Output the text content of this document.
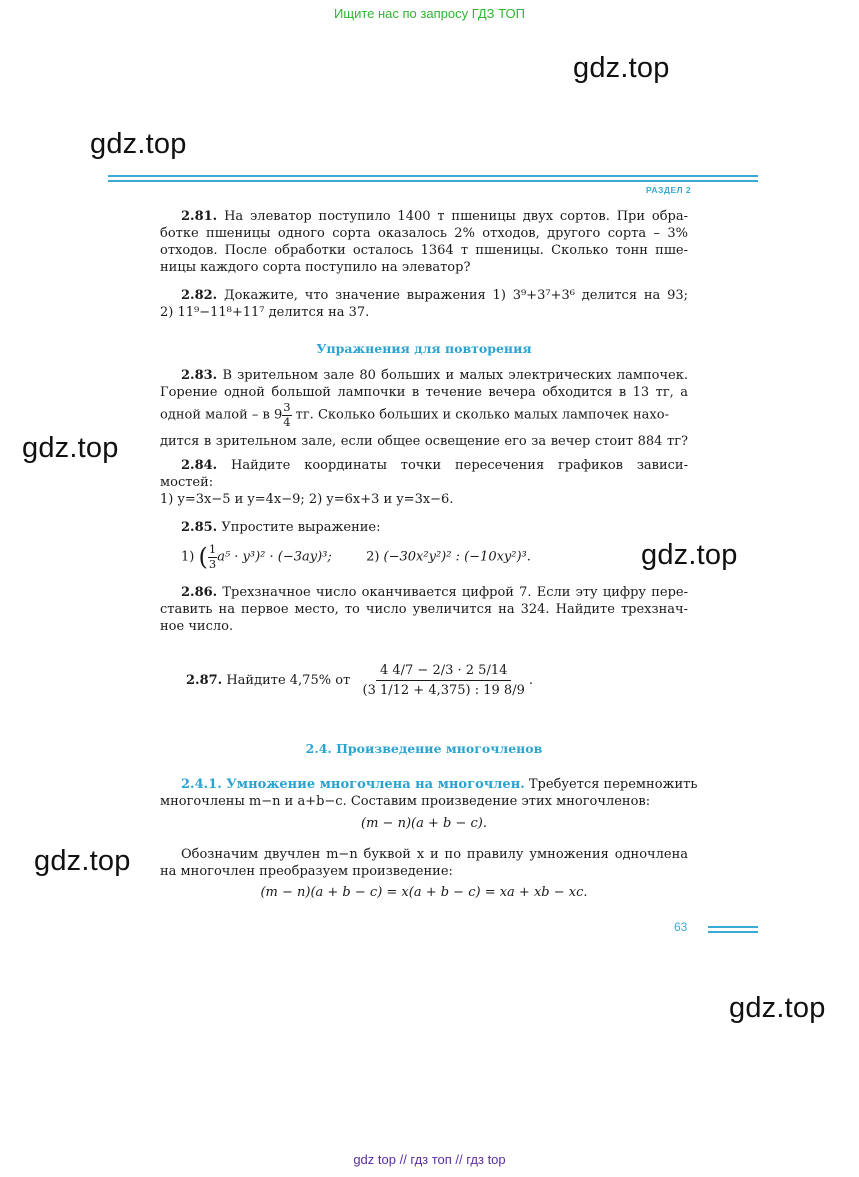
Ищите нас по запросу ГДЗ ТОП
gdz.top
gdz.top
gdz.top
gdz.top
gdz.top
gdz.top
РАЗДЕЛ 2
2.81. На элеватор поступило 1400 т пшеницы двух сортов. При обра-
ботке пшеницы одного сорта оказалось 2% отходов, другого сорта – 3%
отходов. После обработки осталось 1364 т пшеницы. Сколько тонн пше-
ницы каждого сорта поступило на элеватор?
2.82. Докажите, что значение выражения 1) 3⁹+3⁷+3⁶ делится на 93;
2) 11⁹−11⁸+11⁷ делится на 37.
Упражнения для повторения
2.83. В зрительном зале 80 больших и малых электрических лампочек.
Горение одной большой лампочки в течение вечера обходится в 13 тг, а
одной малой – в $9 \frac{3}{4}$ тг. Сколько больших и сколько малых лампочек нахо-
дится в зрительном зале, если общее освещение его за вечер стоит 884 тг?
2.84. Найдите координаты точки пересечения графиков зависи-
мостей:
1) y=3x−5 и y=4x−9; 2) y=6x+3 и y=3x−6.
2.85. Упростите выражение:
1) ( $\frac{1}{3} a^5 \cdot y^3)^2 \cdot (-3ay)^3$;	2) (−30x²y²)² : (−10xy²)³.
2.86. Трехзначное число оканчивается цифрой 7. Если эту цифру пере-
ставить на первое место, то число увеличится на 324. Найдите трехзнач-
ное число.
2.87.
Найдите 4,75% от
$\frac{4 4/7 - 2/3 \cdot 2 5/14}{(3 1/12 + 4,375) : 19 8/9}$ .
2.4. Произведение многочленов
2.4.1. Умножение многочлена на многочлен. Требуется перемножить
многочлены m−n и a+b−c. Составим произведение этих многочленов:
(m − n)(a + b − c).
Обозначим двучлен m−n буквой x и по правилу умножения одночлена
на многочлен преобразуем произведение:
(m − n)(a + b − c) = x(a + b − c) = xa + xb − xc.
63
gdz top // гдз топ // гдз top
